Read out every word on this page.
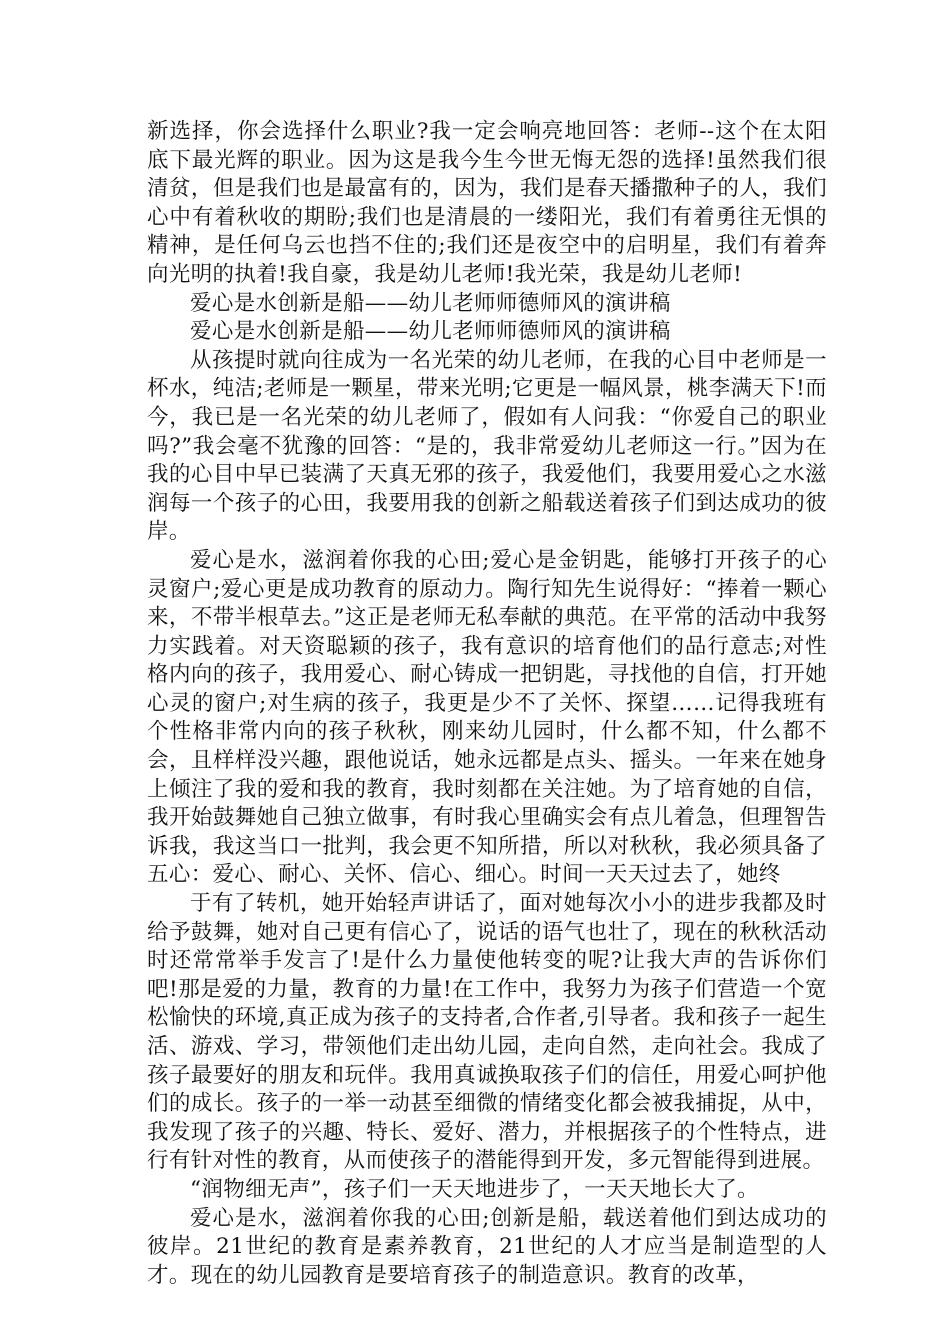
新选择，你会选择什么职业?我一定会响亮地回答：老师--这个在太阳底下最光辉的职业。因为这是我今生今世无悔无怨的选择!虽然我们很清贫，但是我们也是最富有的，因为，我们是春天播撒种子的人，我们心中有着秋收的期盼;我们也是清晨的一缕阳光，我们有着勇往无惧的精神，是任何乌云也挡不住的;我们还是夜空中的启明星，我们有着奔向光明的执着!我自豪，我是幼儿老师!我光荣，我是幼儿老师!

爱心是水创新是船——幼儿老师师德师风的演讲稿

爱心是水创新是船——幼儿老师师德师风的演讲稿

从孩提时就向往成为一名光荣的幼儿老师，在我的心目中老师是一杯水，纯洁;老师是一颗星，带来光明;它更是一幅风景，桃李满天下!而今，我已是一名光荣的幼儿老师了，假如有人问我：“你爱自己的职业吗?”我会毫不犹豫的回答：“是的，我非常爱幼儿老师这一行。”因为在我的心目中早已装满了天真无邪的孩子，我爱他们，我要用爱心之水滋润每一个孩子的心田，我要用我的创新之船载送着孩子们到达成功的彼岸。

爱心是水，滋润着你我的心田;爱心是金钥匙，能够打开孩子的心灵窗户;爱心更是成功教育的原动力。陶行知先生说得好：“捧着一颗心来，不带半根草去。”这正是老师无私奉献的典范。在平常的活动中我努力实践着。对天资聪颖的孩子，我有意识的培育他们的品行意志;对性格内向的孩子，我用爱心、耐心铸成一把钥匙，寻找他的自信，打开她心灵的窗户;对生病的孩子，我更是少不了关怀、探望……记得我班有个性格非常内向的孩子秋秋，刚来幼儿园时，什么都不知，什么都不会，且样样没兴趣，跟他说话，她永远都是点头、摇头。一年来在她身上倾注了我的爱和我的教育，我时刻都在关注她。为了培育她的自信，我开始鼓舞她自己独立做事，有时我心里确实会有点儿着急，但理智告诉我，我这当口一批判，我会更不知所措，所以对秋秋，我必须具备了五心：爱心、耐心、关怀、信心、细心。时间一天天过去了，她终

于有了转机，她开始轻声讲话了，面对她每次小小的进步我都及时给予鼓舞，她对自己更有信心了，说话的语气也壮了，现在的秋秋活动时还常常举手发言了!是什么力量使他转变的呢?让我大声的告诉你们吧!那是爱的力量，教育的力量!在工作中，我努力为孩子们营造一个宽松愉快的环境,真正成为孩子的支持者,合作者,引导者。我和孩子一起生活、游戏、学习，带领他们走出幼儿园，走向自然，走向社会。我成了孩子最要好的朋友和玩伴。我用真诚换取孩子们的信任，用爱心呵护他们的成长。孩子的一举一动甚至细微的情绪变化都会被我捕捉，从中，我发现了孩子的兴趣、特长、爱好、潜力，并根据孩子的个性特点，进行有针对性的教育，从而使孩子的潜能得到开发，多元智能得到进展。

“润物细无声”，孩子们一天天地进步了，一天天地长大了。

爱心是水，滋润着你我的心田;创新是船，载送着他们到达成功的彼岸。21世纪的教育是素养教育，21世纪的人才应当是制造型的人才。现在的幼儿园教育是要培育孩子的制造意识。教育的改革，
